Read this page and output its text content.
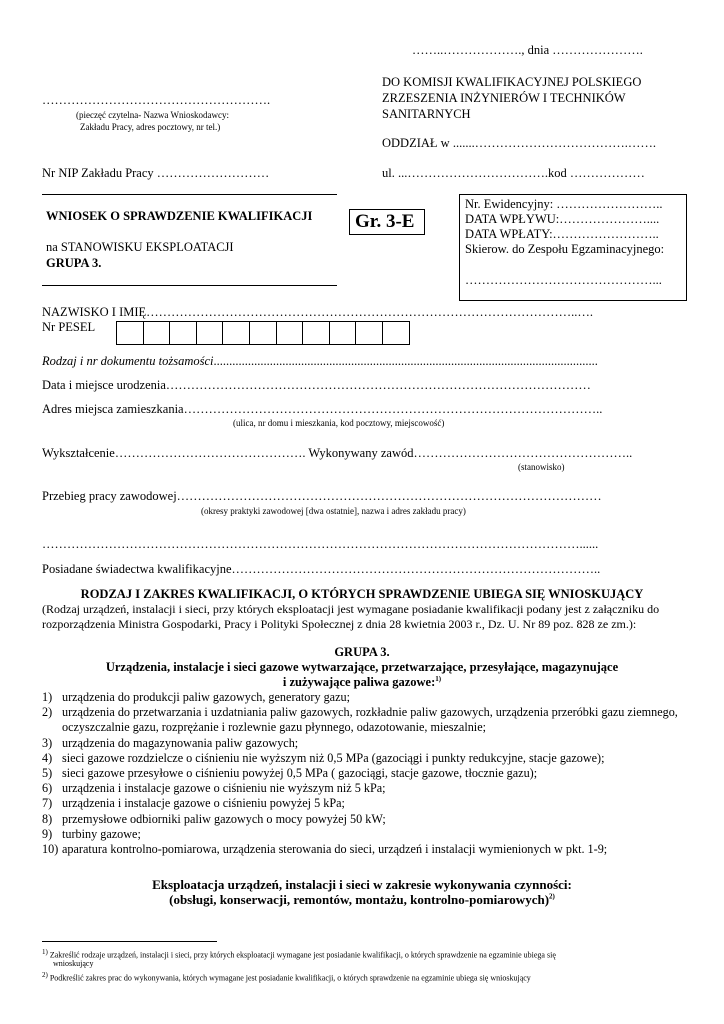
……..………………., dnia ………………….
……………………………………………….
(pieczęć czytelna- Nazwa Wnioskodawcy:
Zakładu Pracy, adres pocztowy, nr tel.)
DO KOMISJI KWALIFIKACYJNEJ POLSKIEGO
ZRZESZENIA INŻYNIERÓW I TECHNIKÓW
SANITARNYCH
ODDZIAŁ w .......……………………………….…….
Nr NIP Zakładu Pracy ………………………	ul. ...…………………………….kod ………………
WNIOSEK O SPRAWDZENIE KWALIFIKACJI Gr. 3-E
na STANOWISKU EKSPLOATACJI
GRUPA 3.
Nr. Ewidencyjny: ……………………..
DATA WPŁYWU:…………………....
DATA WPŁATY:……………………..
Skierow. do Zespołu Egzaminacyjnego:
………………………………………...
NAZWISKO I IMIĘ…………………………………………………………………………………………..….
Nr PESEL
Rodzaj i nr dokumentu tożsamości...........................................................................................................................
Data i miejsce urodzenia…………………………………………………………………………………………
Adres miejsca zamieszkania………………………………………………………………………………………..
(ulica, nr domu i mieszkania, kod pocztowy, miejscowość)
Wykształcenie………………………………………. Wykonywany zawód……………………………………………..
(stanowisko)
Przebieg pracy zawodowej…………………………………………………………………………………………
(okresy praktyki zawodowej [dwa ostatnie], nazwa i adres zakładu pracy)
…………………………………………………………………………………………………………………......
Posiadane świadectwa kwalifikacyjne……………………………………………………………………………..
RODZAJ I ZAKRES KWALIFIKACJI, O KTÓRYCH SPRAWDZENIE UBIEGA SIĘ WNIOSKUJĄCY
(Rodzaj urządzeń, instalacji i sieci, przy których eksploatacji jest wymagane posiadanie kwalifikacji podany jest z załączniku do
rozporządzenia Ministra Gospodarki, Pracy i Polityki Społecznej z dnia 28 kwietnia 2003 r., Dz. U. Nr 89 poz. 828 ze zm.):
GRUPA 3.
Urządzenia, instalacje i sieci gazowe wytwarzające, przetwarzające, przesyłające, magazynujące
i zużywające paliwa gazowe:$^{1)}$
1) urządzenia do produkcji paliw gazowych, generatory gazu;
2) urządzenia do przetwarzania i uzdatniania paliw gazowych, rozkładnie paliw gazowych, urządzenia przeróbki gazu ziemnego, oczyszczalnie gazu, rozprężanie i rozlewnie gazu płynnego, odazotowanie, mieszalnie;
3) urządzenia do magazynowania paliw gazowych;
4) sieci gazowe rozdzielcze o ciśnieniu nie wyższym niż 0,5 MPa (gazociągi i punkty redukcyjne, stacje gazowe);
5) sieci gazowe przesyłowe o ciśnieniu powyżej 0,5 MPa ( gazociągi, stacje gazowe, tłocznie gazu);
6) urządzenia i instalacje gazowe o ciśnieniu nie wyższym niż 5 kPa;
7) urządzenia i instalacje gazowe o ciśnieniu powyżej 5 kPa;
8) przemysłowe odbiorniki paliw gazowych o mocy powyżej 50 kW;
9) turbiny gazowe;
10) aparatura kontrolno-pomiarowa, urządzenia sterowania do sieci, urządzeń i instalacji wymienionych w pkt. 1-9;
Eksploatacja urządzeń, instalacji i sieci w zakresie wykonywania czynności:
(obsługi, konserwacji, remontów, montażu, kontrolno-pomiarowych)$^{2)}$
$^{1)}$ Zakreślić rodzaje urządzeń, instalacji i sieci, przy których eksploatacji wymagane jest posiadanie kwalifikacji, o których sprawdzenie na egzaminie ubiega się
wnioskujący
$^{2)}$ Podkreślić zakres prac do wykonywania, których wymagane jest posiadanie kwalifikacji, o których sprawdzenie na egzaminie ubiega się wnioskujący
